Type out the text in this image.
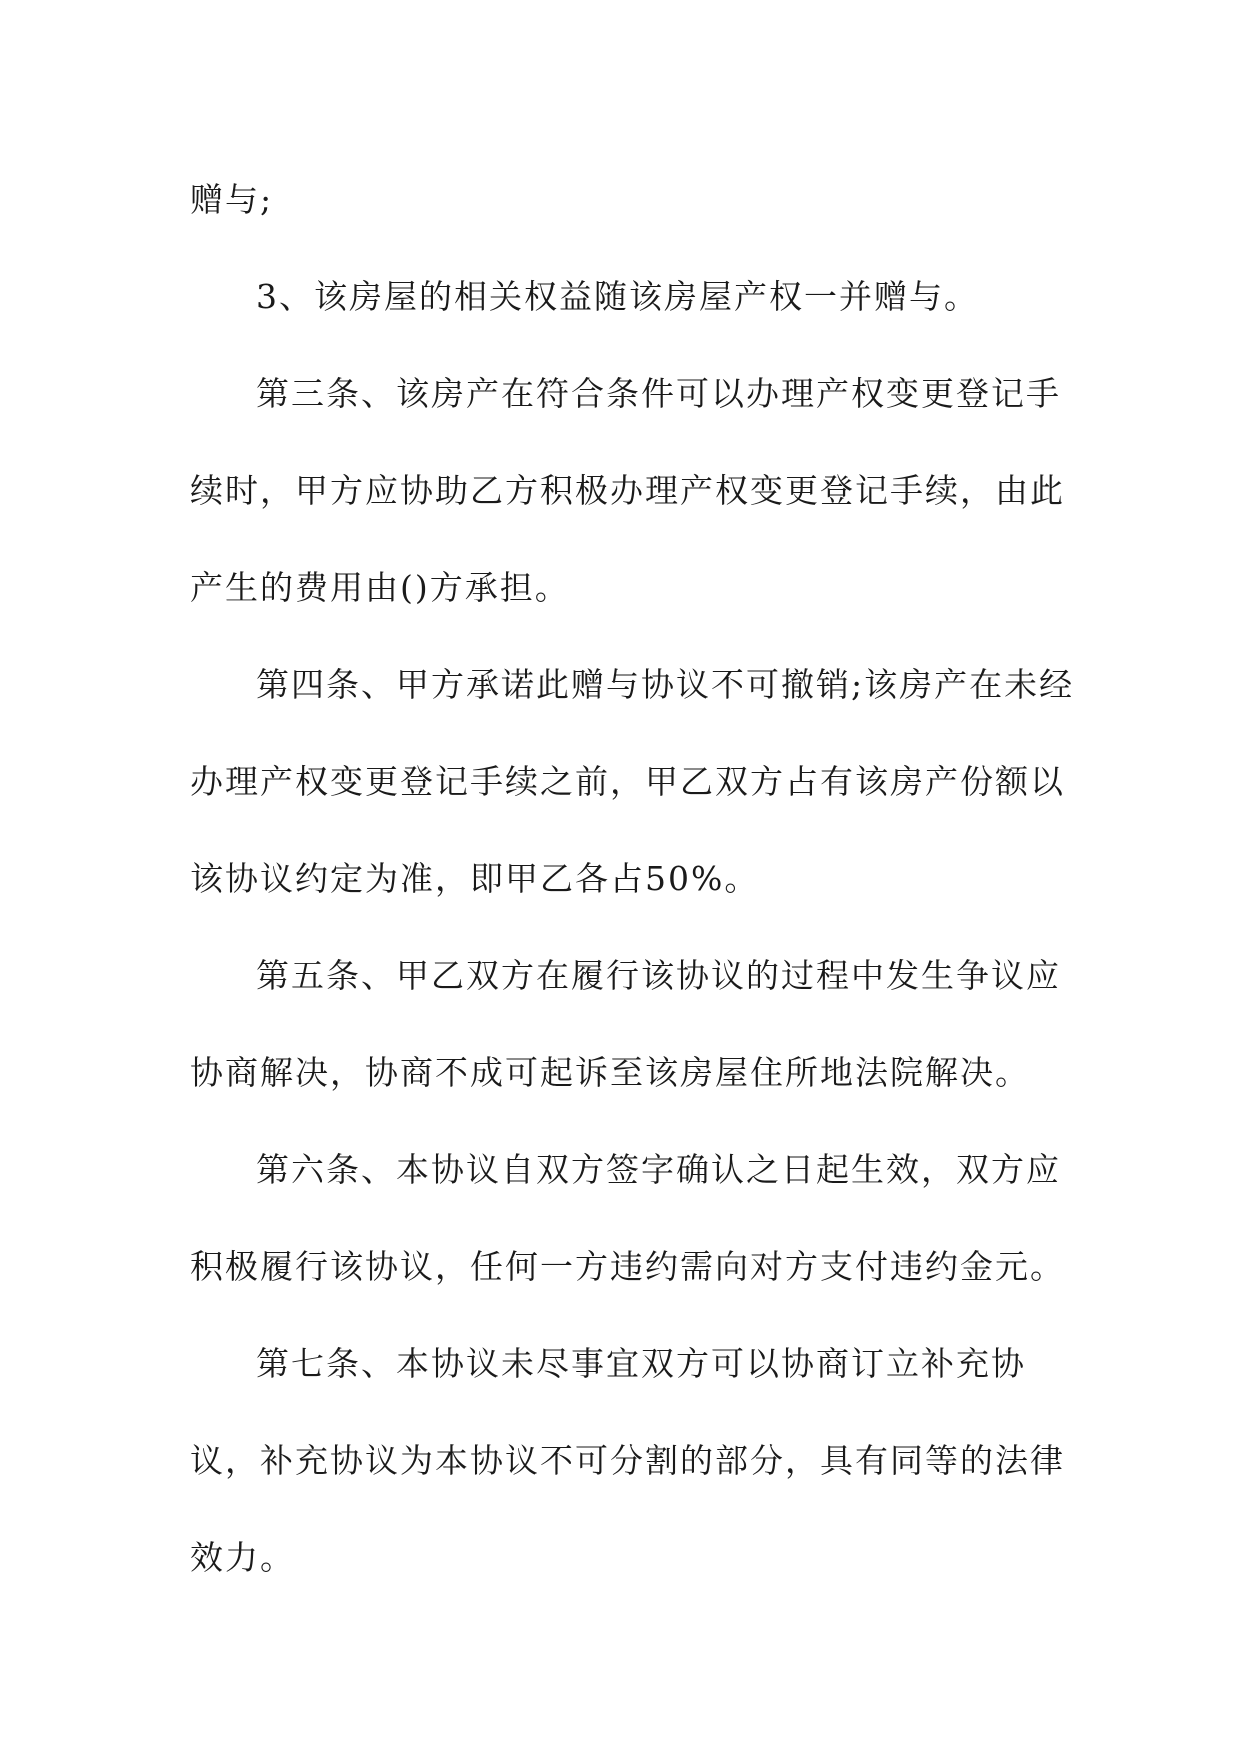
赠与;
3、该房屋的相关权益随该房屋产权一并赠与。
第三条、该房产在符合条件可以办理产权变更登记手
续时，甲方应协助乙方积极办理产权变更登记手续，由此
产生的费用由()方承担。
第四条、甲方承诺此赠与协议不可撤销;该房产在未经
办理产权变更登记手续之前，甲乙双方占有该房产份额以
该协议约定为准，即甲乙各占50%。
第五条、甲乙双方在履行该协议的过程中发生争议应
协商解决，协商不成可起诉至该房屋住所地法院解决。
第六条、本协议自双方签字确认之日起生效，双方应
积极履行该协议，任何一方违约需向对方支付违约金元。
第七条、本协议未尽事宜双方可以协商订立补充协
议，补充协议为本协议不可分割的部分，具有同等的法律
效力。
